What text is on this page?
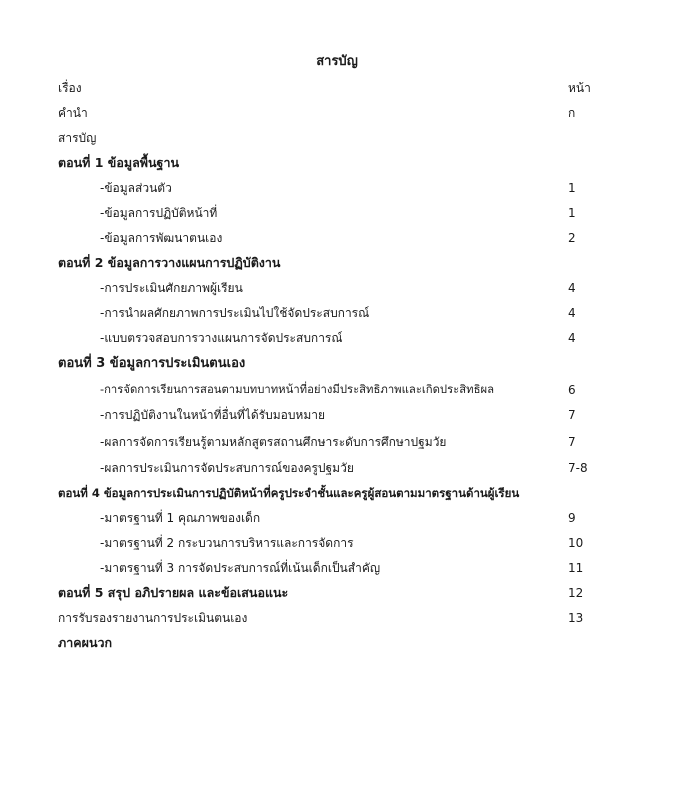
สารบัญ
เรื่อง	หน้า
คำนำ	ก
สารบัญ
ตอนที่ 1 ข้อมูลพื้นฐาน
-ข้อมูลส่วนตัว	1
-ข้อมูลการปฏิบัติหน้าที่	1
-ข้อมูลการพัฒนาตนเอง	2
ตอนที่ 2 ข้อมูลการวางแผนการปฏิบัติงาน
-การประเมินศักยภาพผู้เรียน	4
-การนำผลศักยภาพการประเมินไปใช้จัดประสบการณ์	4
-แบบตรวจสอบการวางแผนการจัดประสบการณ์	4
ตอนที่ 3 ข้อมูลการประเมินตนเอง
-การจัดการเรียนการสอนตามบทบาทหน้าที่อย่างมีประสิทธิภาพและเกิดประสิทธิผล	6
-การปฏิบัติงานในหน้าที่อื่นที่ได้รับมอบหมาย	7
-ผลการจัดการเรียนรู้ตามหลักสูตรสถานศึกษาระดับการศึกษาปฐมวัย	7
-ผลการประเมินการจัดประสบการณ์ของครูปฐมวัย	7-8
ตอนที่ 4 ข้อมูลการประเมินการปฏิบัติหน้าที่ครูประจำชั้นและครูผู้สอนตามมาตรฐานด้านผู้เรียน
-มาตรฐานที่ 1 คุณภาพของเด็ก	9
-มาตรฐานที่ 2 กระบวนการบริหารและการจัดการ	10
-มาตรฐานที่ 3 การจัดประสบการณ์ที่เน้นเด็กเป็นสำคัญ	11
ตอนที่ 5 สรุป อภิปรายผล และข้อเสนอแนะ	12
การรับรองรายงานการประเมินตนเอง	13
ภาคผนวก
